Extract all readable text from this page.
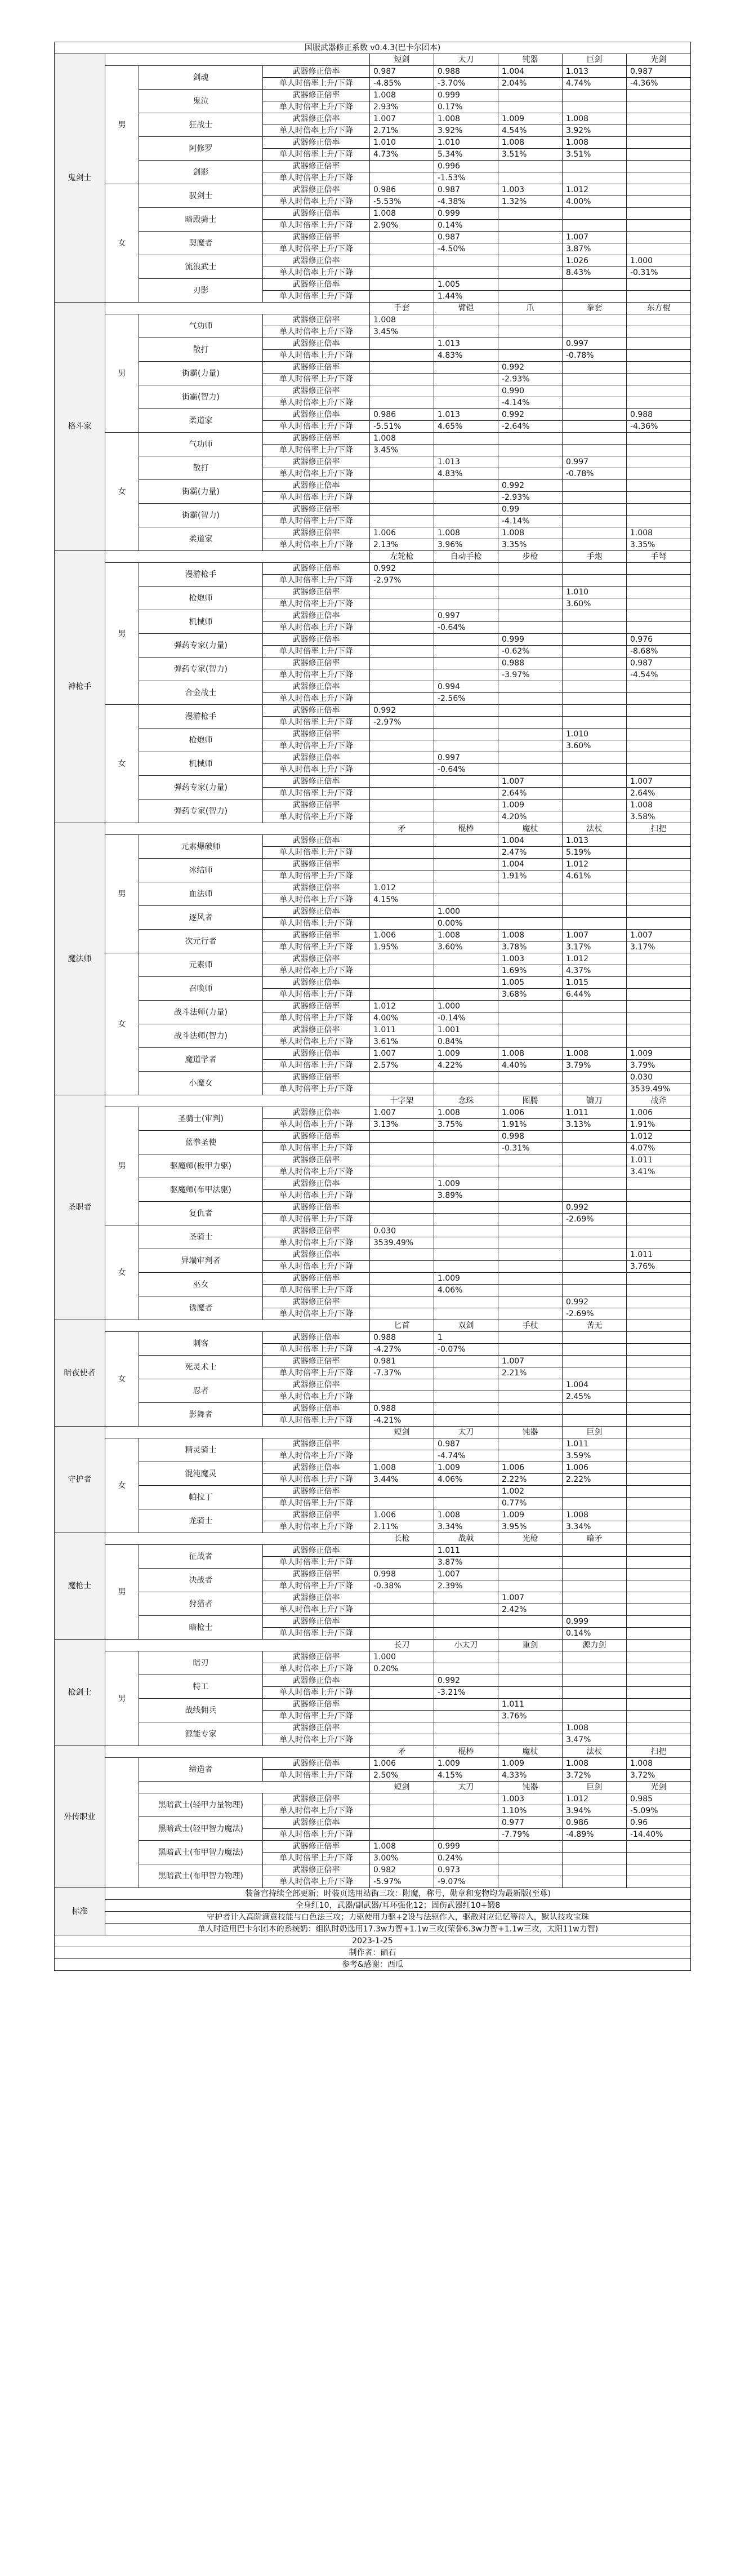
国服武器修正系数 v0.4.3(巴卡尔团本)								
鬼剑士				短剑	太刀	钝器	巨剑	光剑
	男	剑魂	武器修正倍率	0.987	0.988	1.004	1.013	0.987
			单人时倍率上升/下降	-4.85%	-3.70%	2.04%	4.74%	-4.36%
		鬼泣	武器修正倍率	1.008	0.999			
			单人时倍率上升/下降	2.93%	0.17%			
		狂战士	武器修正倍率	1.007	1.008	1.009	1.008	
			单人时倍率上升/下降	2.71%	3.92%	4.54%	3.92%	
		阿修罗	武器修正倍率	1.010	1.010	1.008	1.008	
			单人时倍率上升/下降	4.73%	5.34%	3.51%	3.51%	
		剑影	武器修正倍率		0.996			
			单人时倍率上升/下降		-1.53%			
	女	驭剑士	武器修正倍率	0.986	0.987	1.003	1.012	
			单人时倍率上升/下降	-5.53%	-4.38%	1.32%	4.00%	
		暗殿骑士	武器修正倍率	1.008	0.999			
			单人时倍率上升/下降	2.90%	0.14%			
		契魔者	武器修正倍率		0.987		1.007	
			单人时倍率上升/下降		-4.50%		3.87%	
		流浪武士	武器修正倍率				1.026	1.000
			单人时倍率上升/下降				8.43%	-0.31%
		刃影	武器修正倍率		1.005			
			单人时倍率上升/下降		1.44%			
格斗家				手套	臂铠	爪	拳套	东方棍
	男	气功师	武器修正倍率	1.008				
			单人时倍率上升/下降	3.45%				
		散打	武器修正倍率		1.013		0.997	
			单人时倍率上升/下降		4.83%		-0.78%	
		街霸(力量)	武器修正倍率			0.992		
			单人时倍率上升/下降			-2.93%		
		街霸(智力)	武器修正倍率			0.990		
			单人时倍率上升/下降			-4.14%		
		柔道家	武器修正倍率	0.986	1.013	0.992		0.988
			单人时倍率上升/下降	-5.51%	4.65%	-2.64%		-4.36%
	女	气功师	武器修正倍率	1.008				
			单人时倍率上升/下降	3.45%				
		散打	武器修正倍率		1.013		0.997	
			单人时倍率上升/下降		4.83%		-0.78%	
		街霸(力量)	武器修正倍率			0.992		
			单人时倍率上升/下降			-2.93%		
		街霸(智力)	武器修正倍率			0.99		
			单人时倍率上升/下降			-4.14%		
		柔道家	武器修正倍率	1.006	1.008	1.008		1.008
			单人时倍率上升/下降	2.13%	3.96%	3.35%		3.35%
神枪手				左轮枪	自动手枪	步枪	手炮	手弩
	男	漫游枪手	武器修正倍率	0.992				
			单人时倍率上升/下降	-2.97%				
		枪炮师	武器修正倍率				1.010	
			单人时倍率上升/下降				3.60%	
		机械师	武器修正倍率		0.997			
			单人时倍率上升/下降		-0.64%			
		弹药专家(力量)	武器修正倍率			0.999		0.976
			单人时倍率上升/下降			-0.62%		-8.68%
		弹药专家(智力)	武器修正倍率			0.988		0.987
			单人时倍率上升/下降			-3.97%		-4.54%
		合金战士	武器修正倍率		0.994			
			单人时倍率上升/下降		-2.56%			
	女	漫游枪手	武器修正倍率	0.992				
			单人时倍率上升/下降	-2.97%				
		枪炮师	武器修正倍率				1.010	
			单人时倍率上升/下降				3.60%	
		机械师	武器修正倍率		0.997			
			单人时倍率上升/下降		-0.64%			
		弹药专家(力量)	武器修正倍率			1.007		1.007
			单人时倍率上升/下降			2.64%		2.64%
		弹药专家(智力)	武器修正倍率			1.009		1.008
			单人时倍率上升/下降			4.20%		3.58%
魔法师				矛	棍棒	魔杖	法杖	扫把
	男	元素爆破师	武器修正倍率			1.004	1.013	
			单人时倍率上升/下降			2.47%	5.19%	
		冰结师	武器修正倍率			1.004	1.012	
			单人时倍率上升/下降			1.91%	4.61%	
		血法师	武器修正倍率	1.012				
			单人时倍率上升/下降	4.15%				
		逐风者	武器修正倍率		1.000			
			单人时倍率上升/下降		0.00%			
		次元行者	武器修正倍率	1.006	1.008	1.008	1.007	1.007
			单人时倍率上升/下降	1.95%	3.60%	3.78%	3.17%	3.17%
	女	元素师	武器修正倍率			1.003	1.012	
			单人时倍率上升/下降			1.69%	4.37%	
		召唤师	武器修正倍率			1.005	1.015	
			单人时倍率上升/下降			3.68%	6.44%	
		战斗法师(力量)	武器修正倍率	1.012	1.000			
			单人时倍率上升/下降	4.00%	-0.14%			
		战斗法师(智力)	武器修正倍率	1.011	1.001			
			单人时倍率上升/下降	3.61%	0.84%			
		魔道学者	武器修正倍率	1.007	1.009	1.008	1.008	1.009
			单人时倍率上升/下降	2.57%	4.22%	4.40%	3.79%	3.79%
		小魔女	武器修正倍率					0.030
			单人时倍率上升/下降					3539.49%
圣职者				十字架	念珠	图腾	镰刀	战斧
	男	圣骑士(审判)	武器修正倍率	1.007	1.008	1.006	1.011	1.006
			单人时倍率上升/下降	3.13%	3.75%	1.91%	3.13%	1.91%
		蓝拳圣使	武器修正倍率			0.998		1.012
			单人时倍率上升/下降			-0.31%		4.07%
		驱魔师(板甲力驱)	武器修正倍率					1.011
			单人时倍率上升/下降					3.41%
		驱魔师(布甲法驱)	武器修正倍率		1.009			
			单人时倍率上升/下降		3.89%			
		复仇者	武器修正倍率				0.992	
			单人时倍率上升/下降				-2.69%	
	女	圣骑士	武器修正倍率	0.030				
			单人时倍率上升/下降	3539.49%				
		异端审判者	武器修正倍率					1.011
			单人时倍率上升/下降					3.76%
		巫女	武器修正倍率		1.009			
			单人时倍率上升/下降		4.06%			
		诱魔者	武器修正倍率				0.992	
			单人时倍率上升/下降				-2.69%	
暗夜使者				匕首	双剑	手杖	苦无	
	女	刺客	武器修正倍率	0.988	1			
			单人时倍率上升/下降	-4.27%	-0.07%			
		死灵术士	武器修正倍率	0.981		1.007		
			单人时倍率上升/下降	-7.37%		2.21%		
		忍者	武器修正倍率				1.004	
			单人时倍率上升/下降				2.45%	
		影舞者	武器修正倍率	0.988				
			单人时倍率上升/下降	-4.21%				
守护者				短剑	太刀	钝器	巨剑	
	女	精灵骑士	武器修正倍率		0.987		1.011	
			单人时倍率上升/下降		-4.74%		3.59%	
		混沌魔灵	武器修正倍率	1.008	1.009	1.006	1.006	
			单人时倍率上升/下降	3.44%	4.06%	2.22%	2.22%	
		帕拉丁	武器修正倍率			1.002		
			单人时倍率上升/下降			0.77%		
		龙骑士	武器修正倍率	1.006	1.008	1.009	1.008	
			单人时倍率上升/下降	2.11%	3.34%	3.95%	3.34%	
魔枪士				长枪	战戟	光枪	暗矛	
	男	征战者	武器修正倍率		1.011			
			单人时倍率上升/下降		3.87%			
		决战者	武器修正倍率	0.998	1.007			
			单人时倍率上升/下降	-0.38%	2.39%			
		狩猎者	武器修正倍率			1.007		
			单人时倍率上升/下降			2.42%		
		暗枪士	武器修正倍率				0.999	
			单人时倍率上升/下降				0.14%	
枪剑士				长刀	小太刀	重剑	源力剑	
	男	暗刃	武器修正倍率	1.000				
			单人时倍率上升/下降	0.20%				
		特工	武器修正倍率		0.992			
			单人时倍率上升/下降		-3.21%			
		战线佣兵	武器修正倍率			1.011		
			单人时倍率上升/下降			3.76%		
		源能专家	武器修正倍率				1.008	
			单人时倍率上升/下降				3.47%	
外传职业				矛	棍棒	魔杖	法杖	扫把
		缔造者	武器修正倍率	1.006	1.009	1.009	1.008	1.008
			单人时倍率上升/下降	2.50%	4.15%	4.33%	3.72%	3.72%
				短剑	太刀	钝器	巨剑	光剑
		黑暗武士(轻甲力量物理)	武器修正倍率			1.003	1.012	0.985
			单人时倍率上升/下降			1.10%	3.94%	-5.09%
		黑暗武士(轻甲智力魔法)	武器修正倍率			0.977	0.986	0.96
			单人时倍率上升/下降			-7.79%	-4.89%	-14.40%
		黑暗武士(布甲智力魔法)	武器修正倍率	1.008	0.999			
			单人时倍率上升/下降	3.00%	0.24%			
		黑暗武士(布甲智力物理)	武器修正倍率	0.982	0.973			
			单人时倍率上升/下降	-5.97%	-9.07%			
标准	装备宫持续全部更新；时装页选用站街三攻：附魔，称号，勋章和宠物均为最新版(至尊)							
	全身红10，武器/副武器/耳环强化12；固伤武器红10+锻8							
	守护者计入高阶满意技能与白色法三攻；力驱使用力驱+2设与法驱作入，驱散对应记忆等待入，默认技攻宝珠							
	单人时适用巴卡尔团本的系统奶：组队时奶选用17.3w力智+1.1w三攻(荣誉6.3w力智+1.1w三攻，太阳11w力智)							
2023-1-25								
制作者：硒石								
参考&感谢：西瓜								
